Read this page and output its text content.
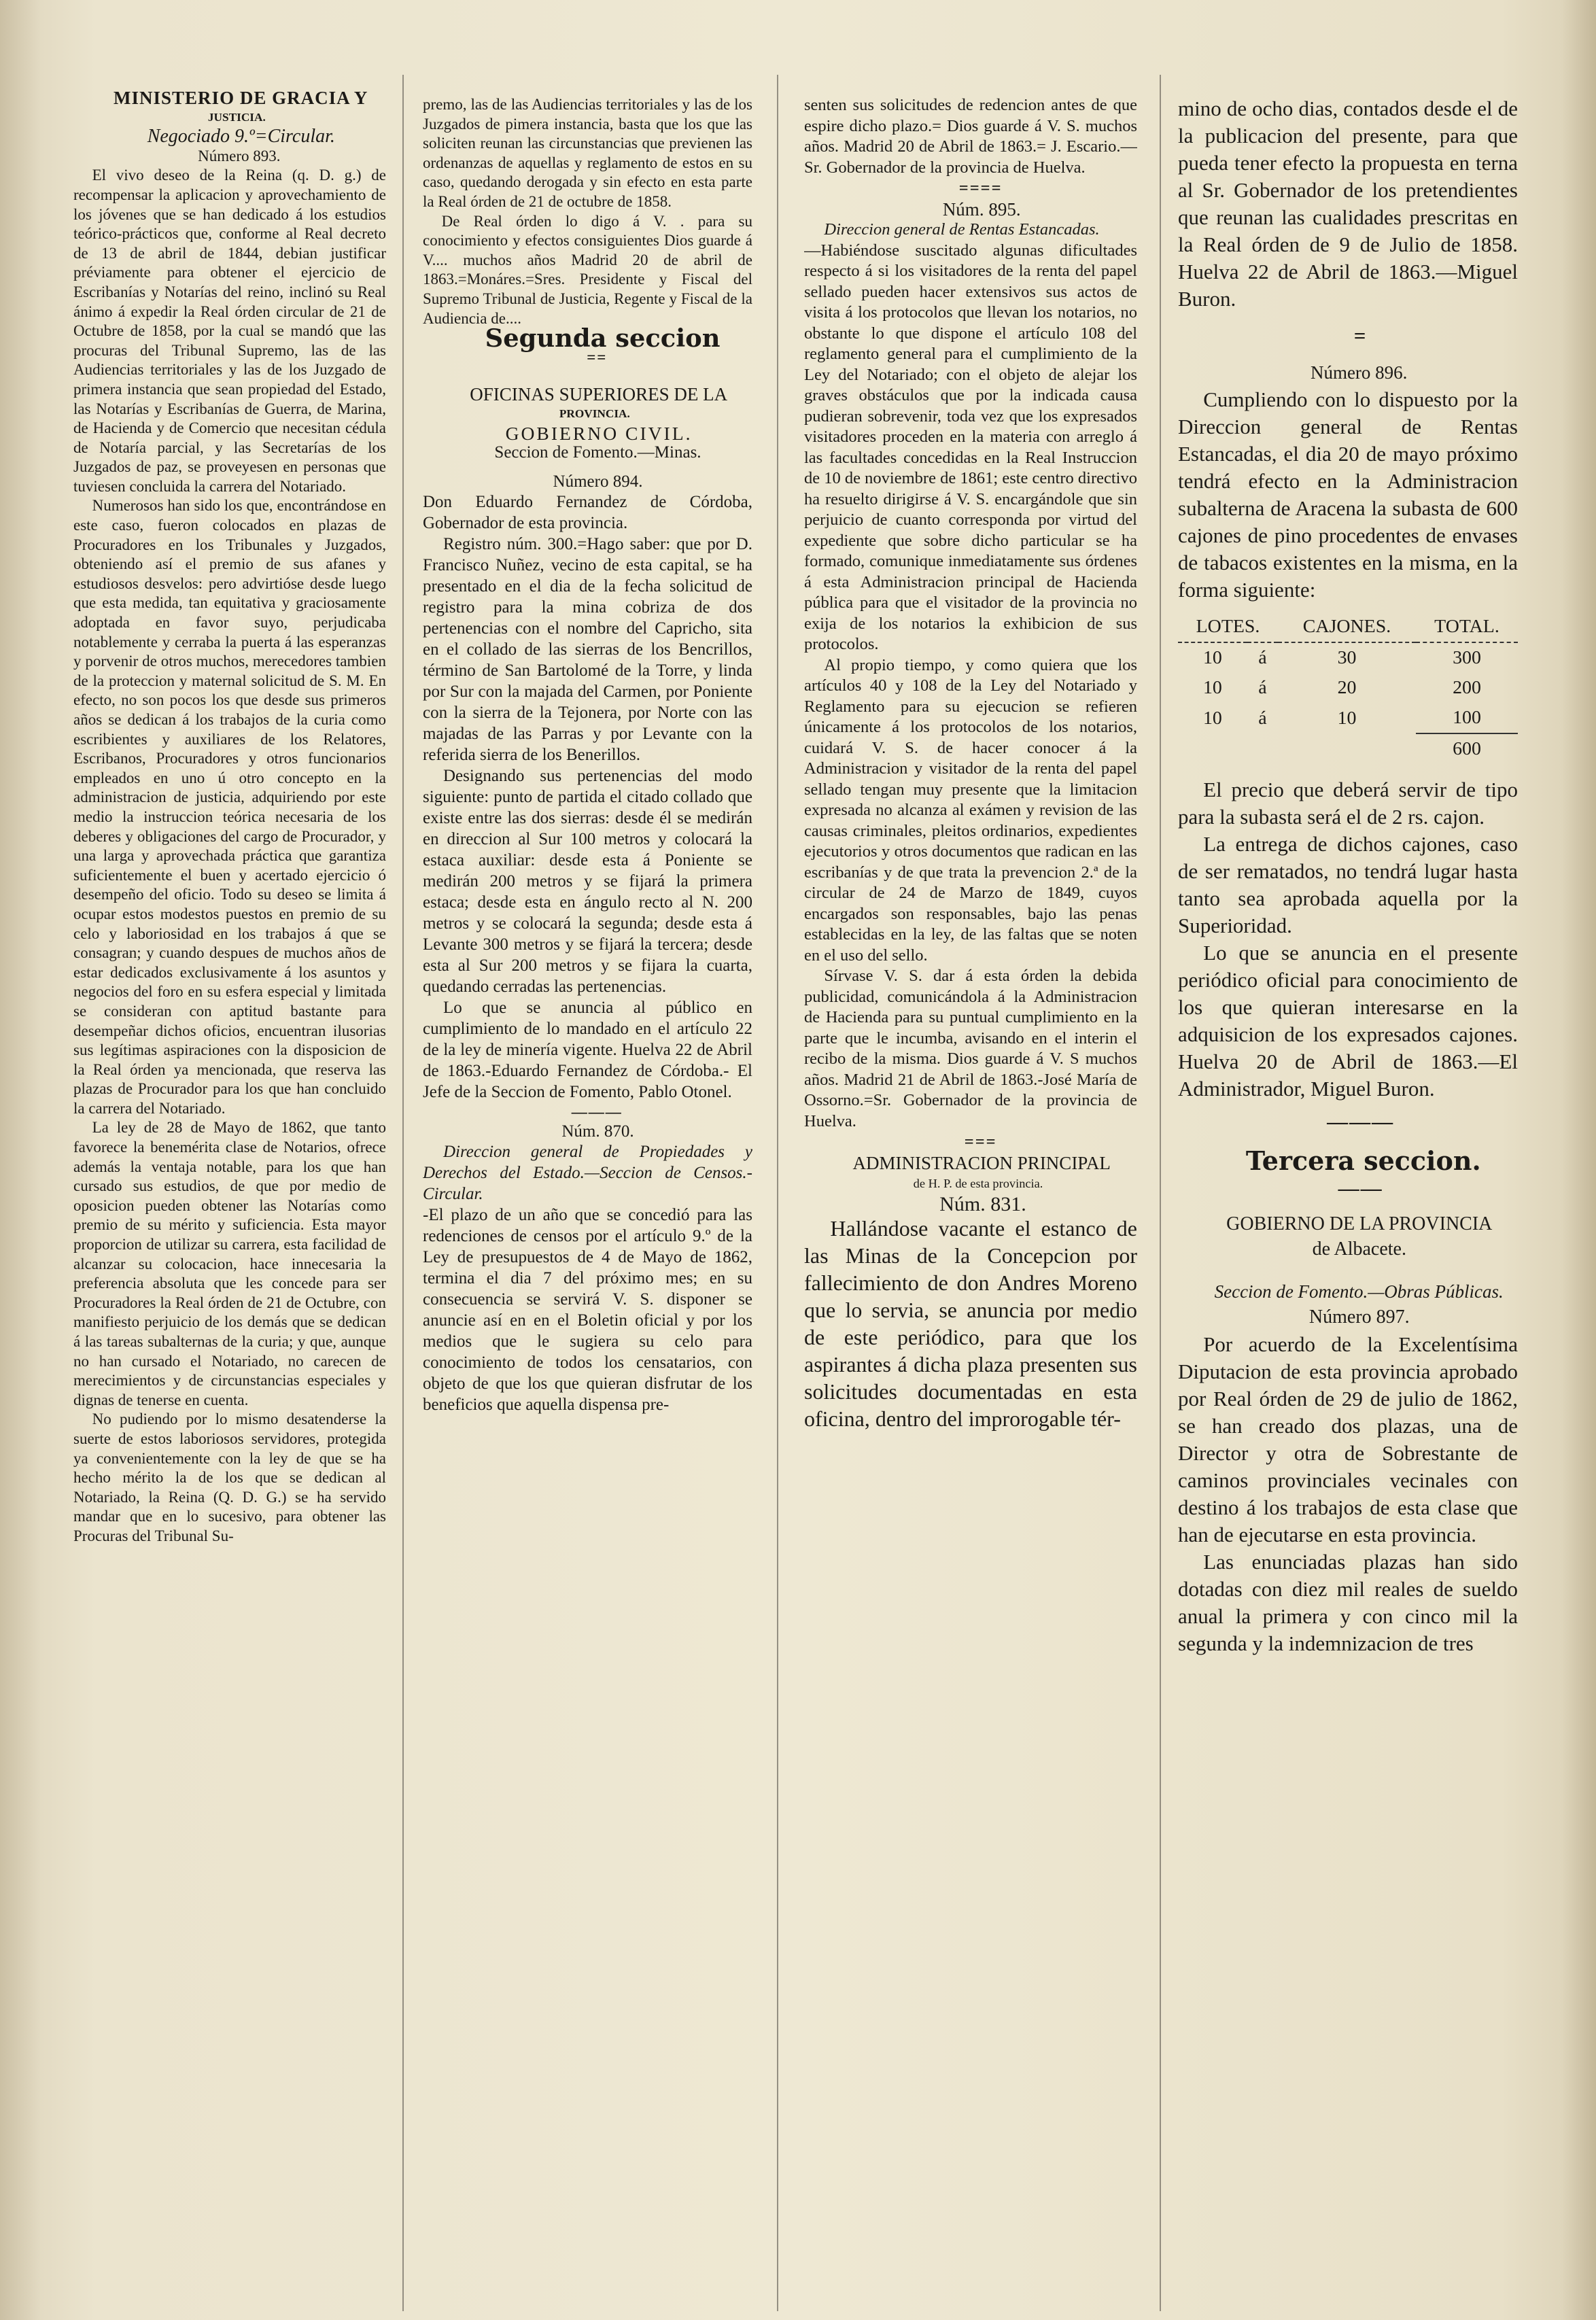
MINISTERIO DE GRACIA Y

JUSTICIA.

Negociado 9.º=Circular.

Número 893.

El vivo deseo de la Reina (q. D. g.) de recompensar la aplicacion y aprovechamiento de los jóvenes que se han dedicado á los estudios teórico-prácticos que, conforme al Real decreto de 13 de abril de 1844, debian justificar préviamente para obtener el ejercicio de Escribanías y Notarías del reino, inclinó su Real ánimo á expedir la Real órden circular de 21 de Octubre de 1858, por la cual se mandó que las procuras del Tribunal Supremo, las de las Audiencias territoriales y las de los Juzgado de primera instancia que sean propiedad del Estado, las Notarías y Escribanías de Guerra, de Marina, de Hacienda y de Comercio que necesitan cédula de Notaría parcial, y las Secretarías de los Juzgados de paz, se proveyesen en personas que tuviesen concluida la carrera del Notariado.

Numerosos han sido los que, encontrándose en este caso, fueron colocados en plazas de Procuradores en los Tribunales y Juzgados, obteniendo así el premio de sus afanes y estudiosos desvelos: pero advirtióse desde luego que esta medida, tan equitativa y graciosamente adoptada en favor suyo, perjudicaba notablemente y cerraba la puerta á las esperanzas y porvenir de otros muchos, merecedores tambien de la proteccion y maternal solicitud de S. M. En efecto, no son pocos los que desde sus primeros años se dedican á los trabajos de la curia como escribientes y auxiliares de los Relatores, Escribanos, Procuradores y otros funcionarios empleados en uno ú otro concepto en la administracion de justicia, adquiriendo por este medio la instruccion teórica necesaria de los deberes y obligaciones del cargo de Procurador, y una larga y aprovechada práctica que garantiza suficientemente el buen y acertado ejercicio ó desempeño del oficio. Todo su deseo se limita á ocupar estos modestos puestos en premio de su celo y laboriosidad en los trabajos á que se consagran; y cuando despues de muchos años de estar dedicados exclusivamente á los asuntos y negocios del foro en su esfera especial y limitada se consideran con aptitud bastante para desempeñar dichos oficios, encuentran ilusorias sus legítimas aspiraciones con la disposicion de la Real órden ya mencionada, que reserva las plazas de Procurador para los que han concluido la carrera del Notariado.

La ley de 28 de Mayo de 1862, que tanto favorece la benemérita clase de Notarios, ofrece además la ventaja notable, para los que han cursado sus estudios, de que por medio de oposicion pueden obtener las Notarías como premio de su mérito y suficiencia. Esta mayor proporcion de utilizar su carrera, esta facilidad de alcanzar su colocacion, hace innecesaria la preferencia absoluta que les concede para ser Procuradores la Real órden de 21 de Octubre, con manifiesto perjuicio de los demás que se dedican á las tareas subalternas de la curia; y que, aunque no han cursado el Notariado, no carecen de merecimientos y de circunstancias especiales y dignas de tenerse en cuenta.

No pudiendo por lo mismo desatenderse la suerte de estos laboriosos servidores, protegida ya convenientemente con la ley de que se ha hecho mérito la de los que se dedican al Notariado, la Reina (Q. D. G.) se ha servido mandar que en lo sucesivo, para obtener las Procuras del Tribunal Su-

premo, las de las Audiencias territoriales y las de los Juzgados de pimera instancia, basta que los que las soliciten reunan las circunstancias que previenen las ordenanzas de aquellas y reglamento de estos en su caso, quedando derogada y sin efecto en esta parte la Real órden de 21 de octubre de 1858.

De Real órden lo digo á V. . para su conocimiento y efectos consiguientes Dios guarde á V.... muchos años Madrid 20 de abril de 1863.=Monáres.=Sres. Presidente y Fiscal del Supremo Tribunal de Justicia, Regente y Fiscal de la Audiencia de....

Segunda seccion

==

OFICINAS SUPERIORES DE LA

PROVINCIA.

GOBIERNO CIVIL.

Seccion de Fomento.—Minas.

Número 894.

Don Eduardo Fernandez de Córdoba, Gobernador de esta provincia.

Registro núm. 300.=Hago saber: que por D. Francisco Nuñez, vecino de esta capital, se ha presentado en el dia de la fecha solicitud de registro para la mina cobriza de dos pertenencias con el nombre del Capricho, sita en el collado de las sierras de los Bencrillos, término de San Bartolomé de la Torre, y linda por Sur con la majada del Carmen, por Poniente con la sierra de la Tejonera, por Norte con las majadas de las Parras y por Levante con la referida sierra de los Benerillos.

Designando sus pertenencias del modo siguiente: punto de partida el citado collado que existe entre las dos sierras: desde él se medirán en direccion al Sur 100 metros y colocará la estaca auxiliar: desde esta á Poniente se medirán 200 metros y se fijará la primera estaca; desde esta en ángulo recto al N. 200 metros y se colocará la segunda; desde esta á Levante 300 metros y se fijará la tercera; desde esta al Sur 200 metros y se fijara la cuarta, quedando cerradas las pertenencias.

Lo que se anuncia al público en cumplimiento de lo mandado en el artículo 22 de la ley de minería vigente. Huelva 22 de Abril de 1863.-Eduardo Fernandez de Córdoba.- El Jefe de la Seccion de Fomento, Pablo Otonel.

———

Núm. 870.

Direccion general de Propiedades y Derechos del Estado.—Seccion de Censos.-Circular.

-El plazo de un año que se concedió para las redenciones de censos por el artículo 9.º de la Ley de presupuestos de 4 de Mayo de 1862, termina el dia 7 del próximo mes; en su consecuencia se servirá V. S. disponer se anuncie así en en el Boletin oficial y por los medios que le sugiera su celo para conocimiento de todos los censatarios, con objeto de que los que quieran disfrutar de los beneficios que aquella dispensa pre-

senten sus solicitudes de redencion antes de que espire dicho plazo.= Dios guarde á V. S. muchos años. Madrid 20 de Abril de 1863.= J. Escario.—Sr. Gobernador de la provincia de Huelva.

====

Núm. 895.

Direccion general de Rentas Estancadas.

—Habiéndose suscitado algunas dificultades respecto á si los visitadores de la renta del papel sellado pueden hacer extensivos sus actos de visita á los protocolos que llevan los notarios, no obstante lo que dispone el artículo 108 del reglamento general para el cumplimiento de la Ley del Notariado; con el objeto de alejar los graves obstáculos que por la indicada causa pudieran sobrevenir, toda vez que los expresados visitadores proceden en la materia con arreglo á las facultades concedidas en la Real Instruccion de 10 de noviembre de 1861; este centro directivo ha resuelto dirigirse á V. S. encargándole que sin perjuicio de cuanto corresponda por virtud del expediente que sobre dicho particular se ha formado, comunique inmediatamente sus órdenes á esta Administracion principal de Hacienda pública para que el visitador de la provincia no exija de los notarios la exhibicion de sus protocolos.

Al propio tiempo, y como quiera que los artículos 40 y 108 de la Ley del Notariado y Reglamento para su ejecucion se refieren únicamente á los protocolos de los notarios, cuidará V. S. de hacer conocer á la Administracion y visitador de la renta del papel sellado tengan muy presente que la limitacion expresada no alcanza al exámen y revision de las causas criminales, pleitos ordinarios, expedientes ejecutorios y otros documentos que radican en las escribanías y de que trata la prevencion 2.ª de la circular de 24 de Marzo de 1849, cuyos encargados son responsables, bajo las penas establecidas en la ley, de las faltas que se noten en el uso del sello.

Sírvase V. S. dar á esta órden la debida publicidad, comunicándola á la Administracion de Hacienda para su puntual cumplimiento en la parte que le incumba, avisando en el interin el recibo de la misma. Dios guarde á V. S muchos años. Madrid 21 de Abril de 1863.-José María de Ossorno.=Sr. Gobernador de la provincia de Huelva.

===

ADMINISTRACION PRINCIPAL

de H. P. de esta provincia.

Núm. 831.

Hallándose vacante el estanco de las Minas de la Concepcion por fallecimiento de don Andres Moreno que lo servia, se anuncia por medio de este periódico, para que los aspirantes á dicha plaza presenten sus solicitudes documentadas en esta oficina, dentro del improrogable tér-

mino de ocho dias, contados desde el de la publicacion del presente, para que pueda tener efecto la propuesta en terna al Sr. Gobernador de los pretendientes que reunan las cualidades prescritas en la Real órden de 9 de Julio de 1858. Huelva 22 de Abril de 1863.—Miguel Buron.

=

Número 896.

Cumpliendo con lo dispuesto por la Direccion general de Rentas Estancadas, el dia 20 de mayo próximo tendrá efecto en la Administracion subalterna de Aracena la subasta de 600 cajones de pino procedentes de envases de tabacos existentes en la misma, en la forma siguiente:

LOTES.		CAJONES.	TOTAL.
10	á	30	300
10	á	20	200
10	á	10	100
			600

El precio que deberá servir de tipo para la subasta será el de 2 rs. cajon.

La entrega de dichos cajones, caso de ser rematados, no tendrá lugar hasta tanto sea aprobada aquella por la Superioridad.

Lo que se anuncia en el presente periódico oficial para conocimiento de los que quieran interesarse en la adquisicion de los expresados cajones. Huelva 20 de Abril de 1863.—El Administrador, Miguel Buron.

———

Tercera seccion.

——

GOBIERNO DE LA PROVINCIA

de Albacete.

Seccion de Fomento.—Obras Públicas.

Número 897.

Por acuerdo de la Excelentísima Diputacion de esta provincia aprobado por Real órden de 29 de julio de 1862, se han creado dos plazas, una de Director y otra de Sobrestante de caminos provinciales vecinales con destino á los trabajos de esta clase que han de ejecutarse en esta provincia.

Las enunciadas plazas han sido dotadas con diez mil reales de sueldo anual la primera y con cinco mil la segunda y la indemnizacion de tres
